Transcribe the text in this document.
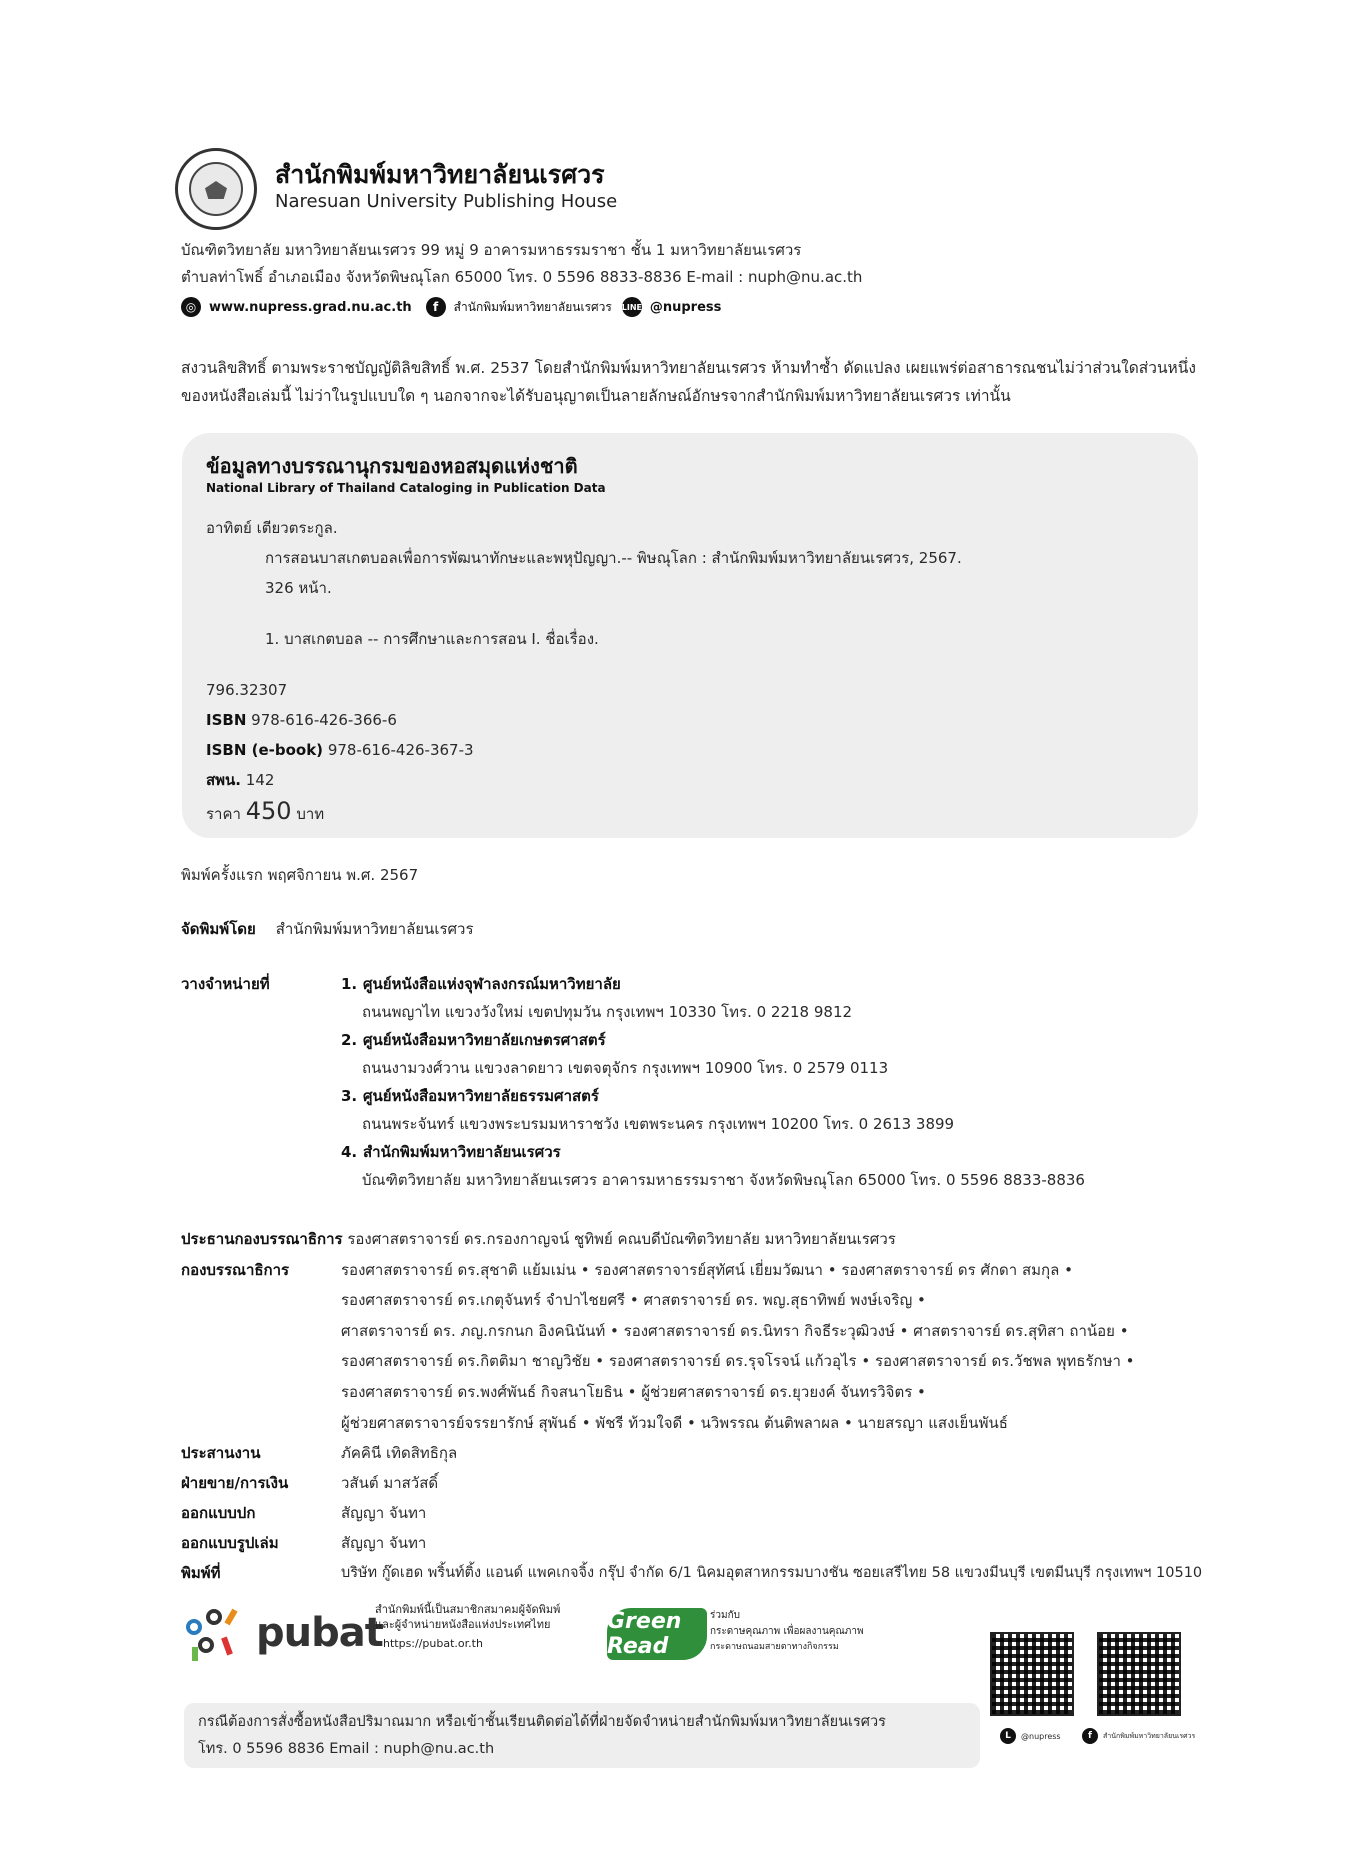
สำนักพิมพ์มหาวิทยาลัยนเรศวร
Naresuan University Publishing House
บัณฑิตวิทยาลัย มหาวิทยาลัยนเรศวร 99 หมู่ 9 อาคารมหาธรรมราชา ชั้น 1 มหาวิทยาลัยนเรศวร
ตำบลท่าโพธิ์ อำเภอเมือง จังหวัดพิษณุโลก 65000 โทร. 0 5596 8833-8836 E-mail : nuph@nu.ac.th
◎ www.nupress.grad.nu.ac.th	f	สำนักพิมพ์มหาวิทยาลัยนเรศวร LINE @nupress
สงวนลิขสิทธิ์ ตามพระราชบัญญัติลิขสิทธิ์ พ.ศ. 2537 โดยสำนักพิมพ์มหาวิทยาลัยนเรศวร ห้ามทำซ้ำ ดัดแปลง เผยแพร่ต่อสาธารณชนไม่ว่าส่วนใดส่วนหนึ่ง
ของหนังสือเล่มนี้ ไม่ว่าในรูปแบบใด ๆ นอกจากจะได้รับอนุญาตเป็นลายลักษณ์อักษรจากสำนักพิมพ์มหาวิทยาลัยนเรศวร เท่านั้น
ข้อมูลทางบรรณานุกรมของหอสมุดแห่งชาติ
National Library of Thailand Cataloging in Publication Data
อาทิตย์ เตียวตระกูล.
การสอนบาสเกตบอลเพื่อการพัฒนาทักษะและพหุปัญญา.-- พิษณุโลก : สำนักพิมพ์มหาวิทยาลัยนเรศวร, 2567.
326 หน้า.
1. บาสเกตบอล -- การศึกษาและการสอน I. ชื่อเรื่อง.
796.32307
ISBN 978-616-426-366-6
ISBN (e-book) 978-616-426-367-3
สพน. 142
ราคา 450 บาท
พิมพ์ครั้งแรก พฤศจิกายน พ.ศ. 2567
จัดพิมพ์โดย สำนักพิมพ์มหาวิทยาลัยนเรศวร
วางจำหน่ายที่	1. ศูนย์หนังสือแห่งจุฬาลงกรณ์มหาวิทยาลัย
ถนนพญาไท แขวงวังใหม่ เขตปทุมวัน กรุงเทพฯ 10330 โทร. 0 2218 9812
2. ศูนย์หนังสือมหาวิทยาลัยเกษตรศาสตร์
ถนนงามวงศ์วาน แขวงลาดยาว เขตจตุจักร กรุงเทพฯ 10900 โทร. 0 2579 0113
3. ศูนย์หนังสือมหาวิทยาลัยธรรมศาสตร์
ถนนพระจันทร์ แขวงพระบรมมหาราชวัง เขตพระนคร กรุงเทพฯ 10200 โทร. 0 2613 3899
4. สำนักพิมพ์มหาวิทยาลัยนเรศวร
บัณฑิตวิทยาลัย มหาวิทยาลัยนเรศวร อาคารมหาธรรมราชา จังหวัดพิษณุโลก 65000 โทร. 0 5596 8833-8836
ประธานกองบรรณาธิการ รองศาสตราจารย์ ดร.กรองกาญจน์ ชูทิพย์ คณบดีบัณฑิตวิทยาลัย มหาวิทยาลัยนเรศวร
กองบรรณาธิการ	รองศาสตราจารย์ ดร.สุชาติ แย้มเม่น • รองศาสตราจารย์สุทัศน์ เยี่ยมวัฒนา • รองศาสตราจารย์ ดร ศักดา สมกุล •
รองศาสตราจารย์ ดร.เกตุจันทร์ จำปาไชยศรี • ศาสตราจารย์ ดร. พญ.สุธาทิพย์ พงษ์เจริญ •
ศาสตราจารย์ ดร. ภญ.กรกนก อิงคนินันท์ • รองศาสตราจารย์ ดร.นิทรา กิจธีระวุฒิวงษ์ • ศาสตราจารย์ ดร.สุทิสา ถาน้อย •
รองศาสตราจารย์ ดร.กิตติมา ชาญวิชัย • รองศาสตราจารย์ ดร.รุจโรจน์ แก้วอุไร • รองศาสตราจารย์ ดร.วัชพล พุทธรักษา •
รองศาสตราจารย์ ดร.พงศ์พันธ์ กิจสนาโยธิน • ผู้ช่วยศาสตราจารย์ ดร.ยุวยงค์ จันทรวิจิตร •
ผู้ช่วยศาสตราจารย์จรรยารักษ์ สุพันธ์ • พัชรี ท้วมใจดี • นวิพรรณ ต้นติพลาผล • นายสรญา แสงเย็นพันธ์
ประสานงาน	ภัคคินี เทิดสิทธิกุล
ฝ่ายขาย/การเงิน	วสันต์ มาสวัสดิ์
ออกแบบปก	สัญญา จันทา
ออกแบบรูปเล่ม	สัญญา จันทา
พิมพ์ที่	บริษัท กู๊ดเฮด พริ้นท์ติ้ง แอนด์ แพคเกจจิ้ง กรุ๊ป จำกัด 6/1 นิคมอุตสาหกรรมบางชัน ซอยเสรีไทย 58 แขวงมีนบุรี เขตมีนบุรี กรุงเทพฯ 10510
pubat
สำนักพิมพ์นี้เป็นสมาชิกสมาคมผู้จัดพิมพ์
และผู้จำหน่ายหนังสือแห่งประเทศไทย
https://pubat.or.th
Green Read
ร่วมกับ
กระดาษคุณภาพ เพื่อผลงานคุณภาพ
กระดาษถนอมสายตาทางกิจกรรม
L	@nupress	f	สำนักพิมพ์มหาวิทยาลัยนเรศวร
กรณีต้องการสั่งซื้อหนังสือปริมาณมาก หรือเข้าชั้นเรียนติดต่อได้ที่ฝ่ายจัดจำหน่ายสำนักพิมพ์มหาวิทยาลัยนเรศวร
โทร. 0 5596 8836 Email : nuph@nu.ac.th
